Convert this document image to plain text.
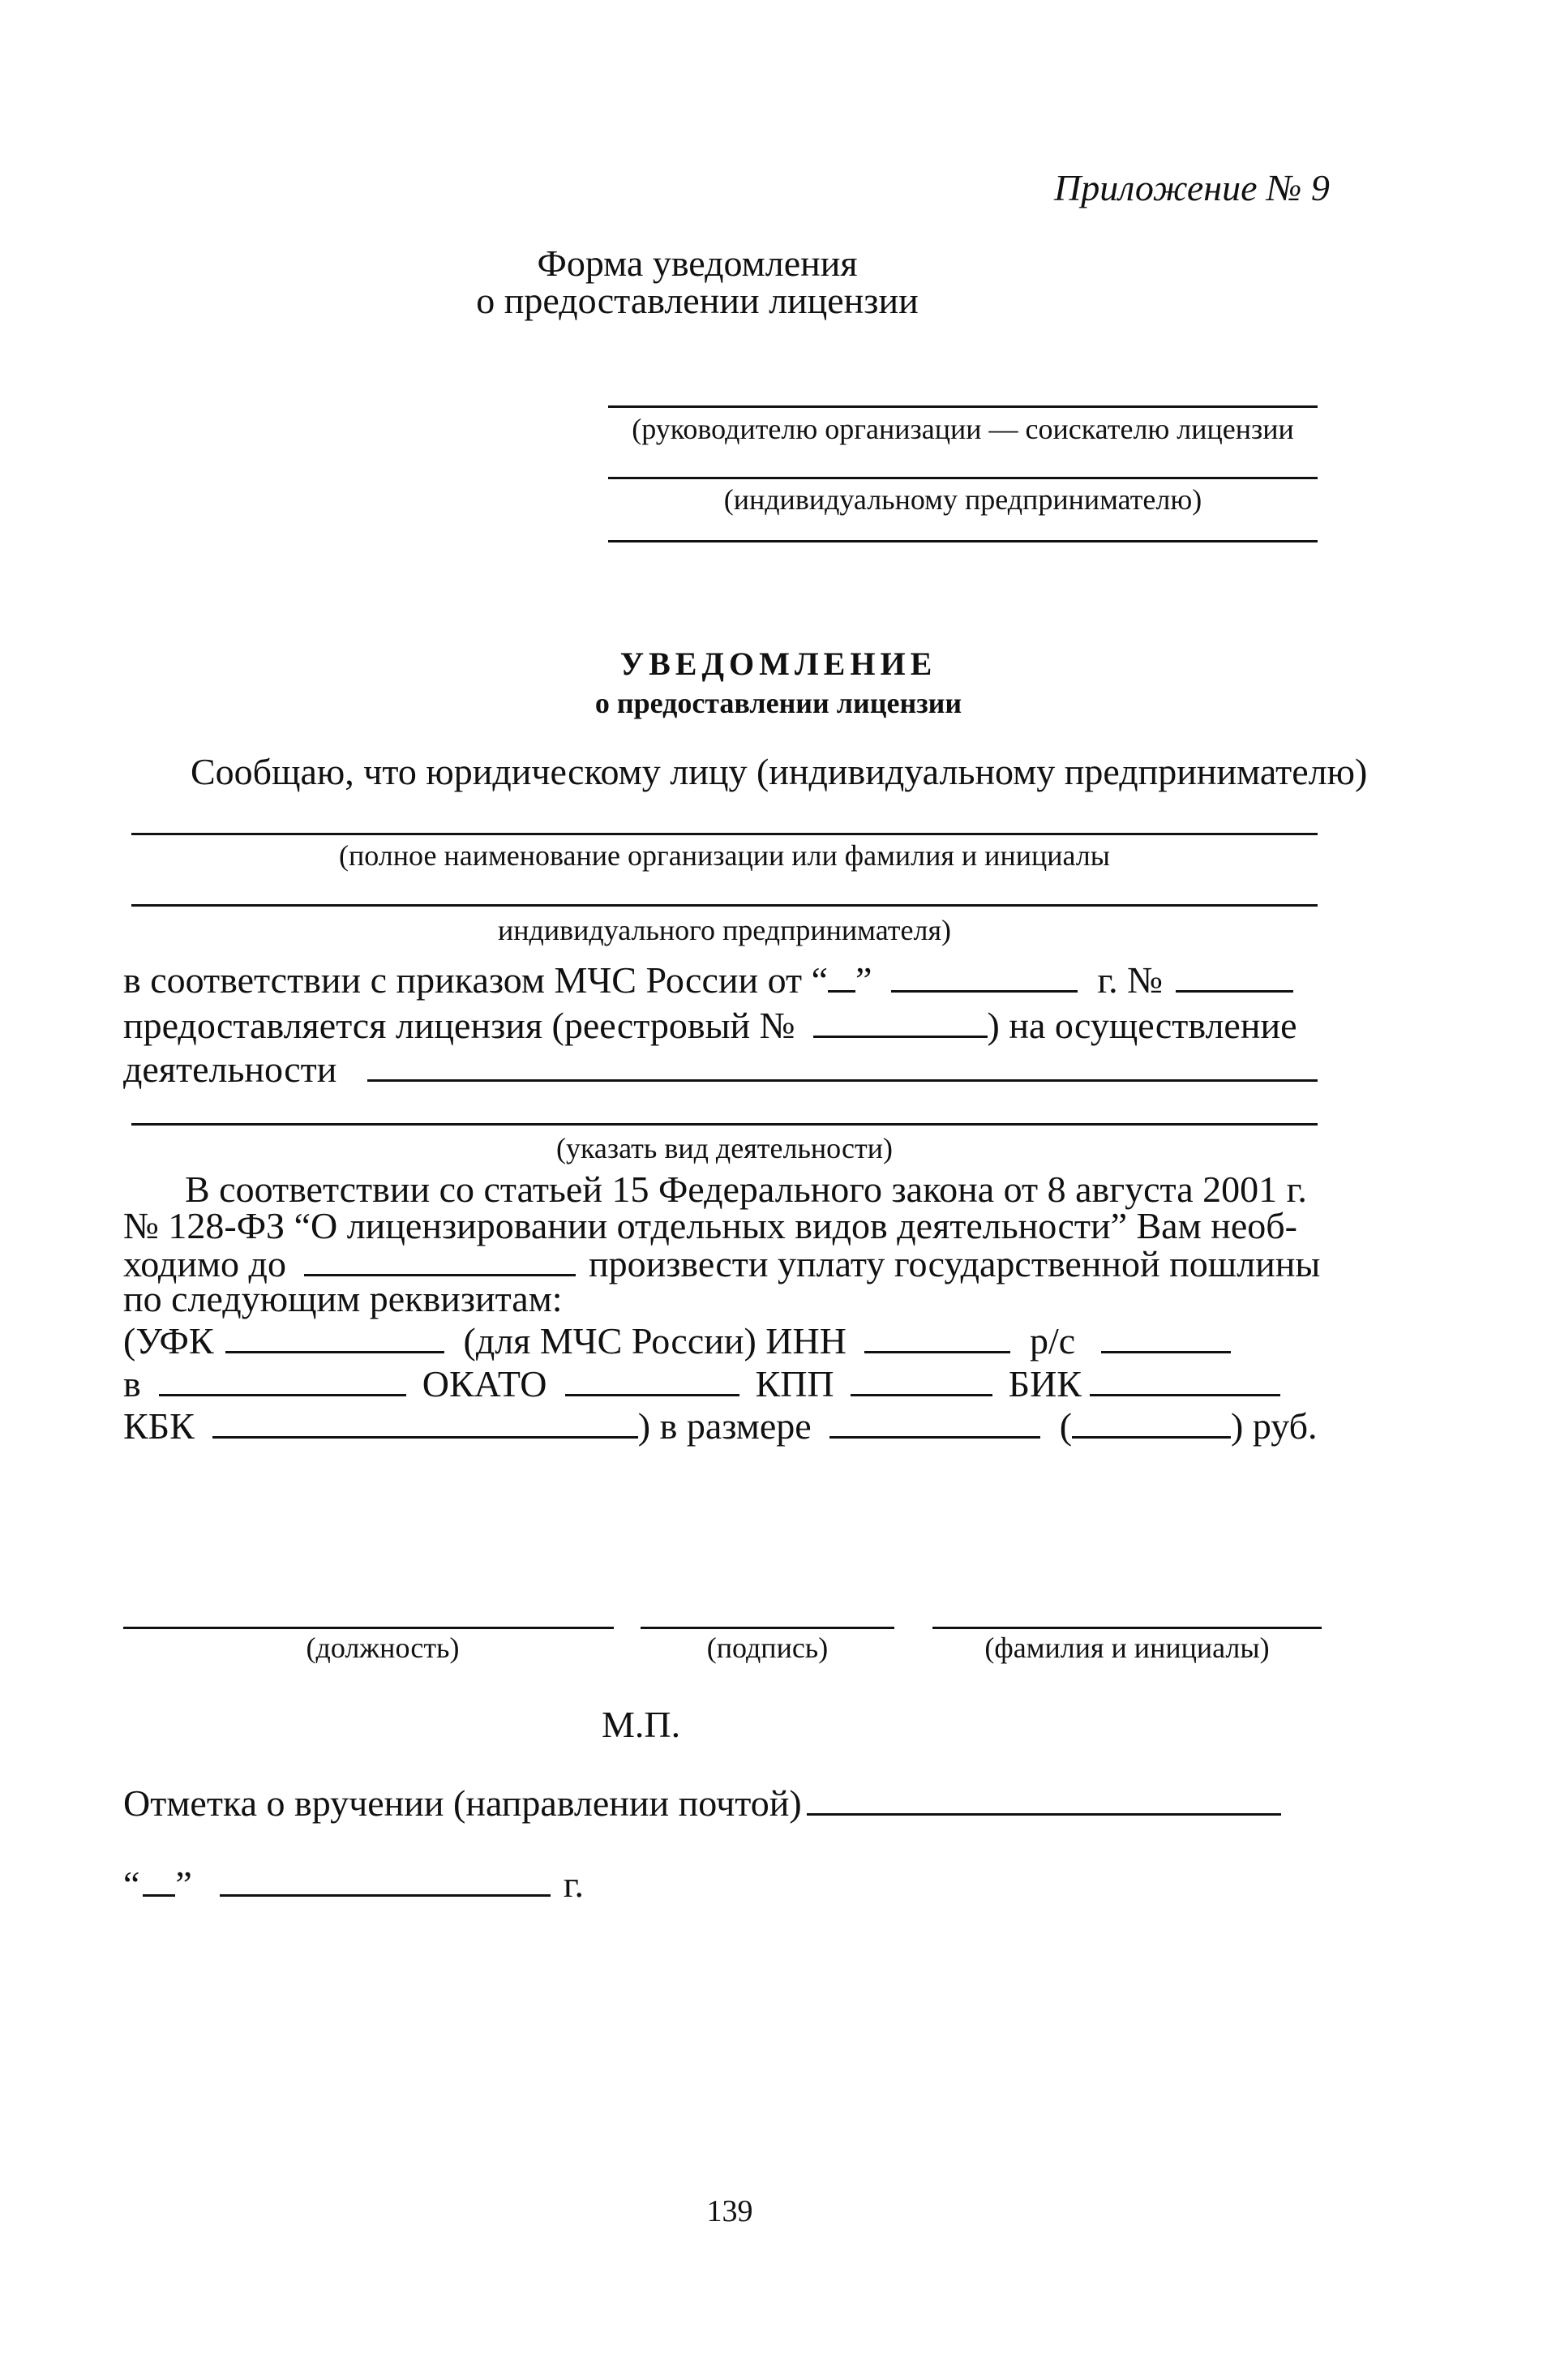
Приложение № 9
Форма уведомления
о предоставлении лицензии
(руководителю организации — соискателю лицензии
(индивидуальному предпринимателю)
УВЕДОМЛЕНИЕ
о предоставлении лицензии
Сообщаю, что юридическому лицу (индивидуальному предпринимателю)
(полное наименование организации или фамилия и инициалы
индивидуального предпринимателя)
в соответствии с приказом МЧС России от “ ”	г. №
предоставляется лицензия (реестровый №	) на осуществление
деятельности
(указать вид деятельности)
В соответствии со статьей 15 Федерального закона от 8 августа 2001 г.
№ 128-ФЗ “О лицензировании отдельных видов деятельности” Вам необ-
ходимо до	произвести уплату государственной пошлины
по следующим реквизитам:
(УФК	(для МЧС России) ИНН	р/с
в	ОКАТО	КПП	БИК
КБК	) в размере	(	) руб.
(должность)	(подпись)	(фамилия и инициалы)
М.П.
Отметка о вручении (направлении почтой)
“ ”	г.
139
